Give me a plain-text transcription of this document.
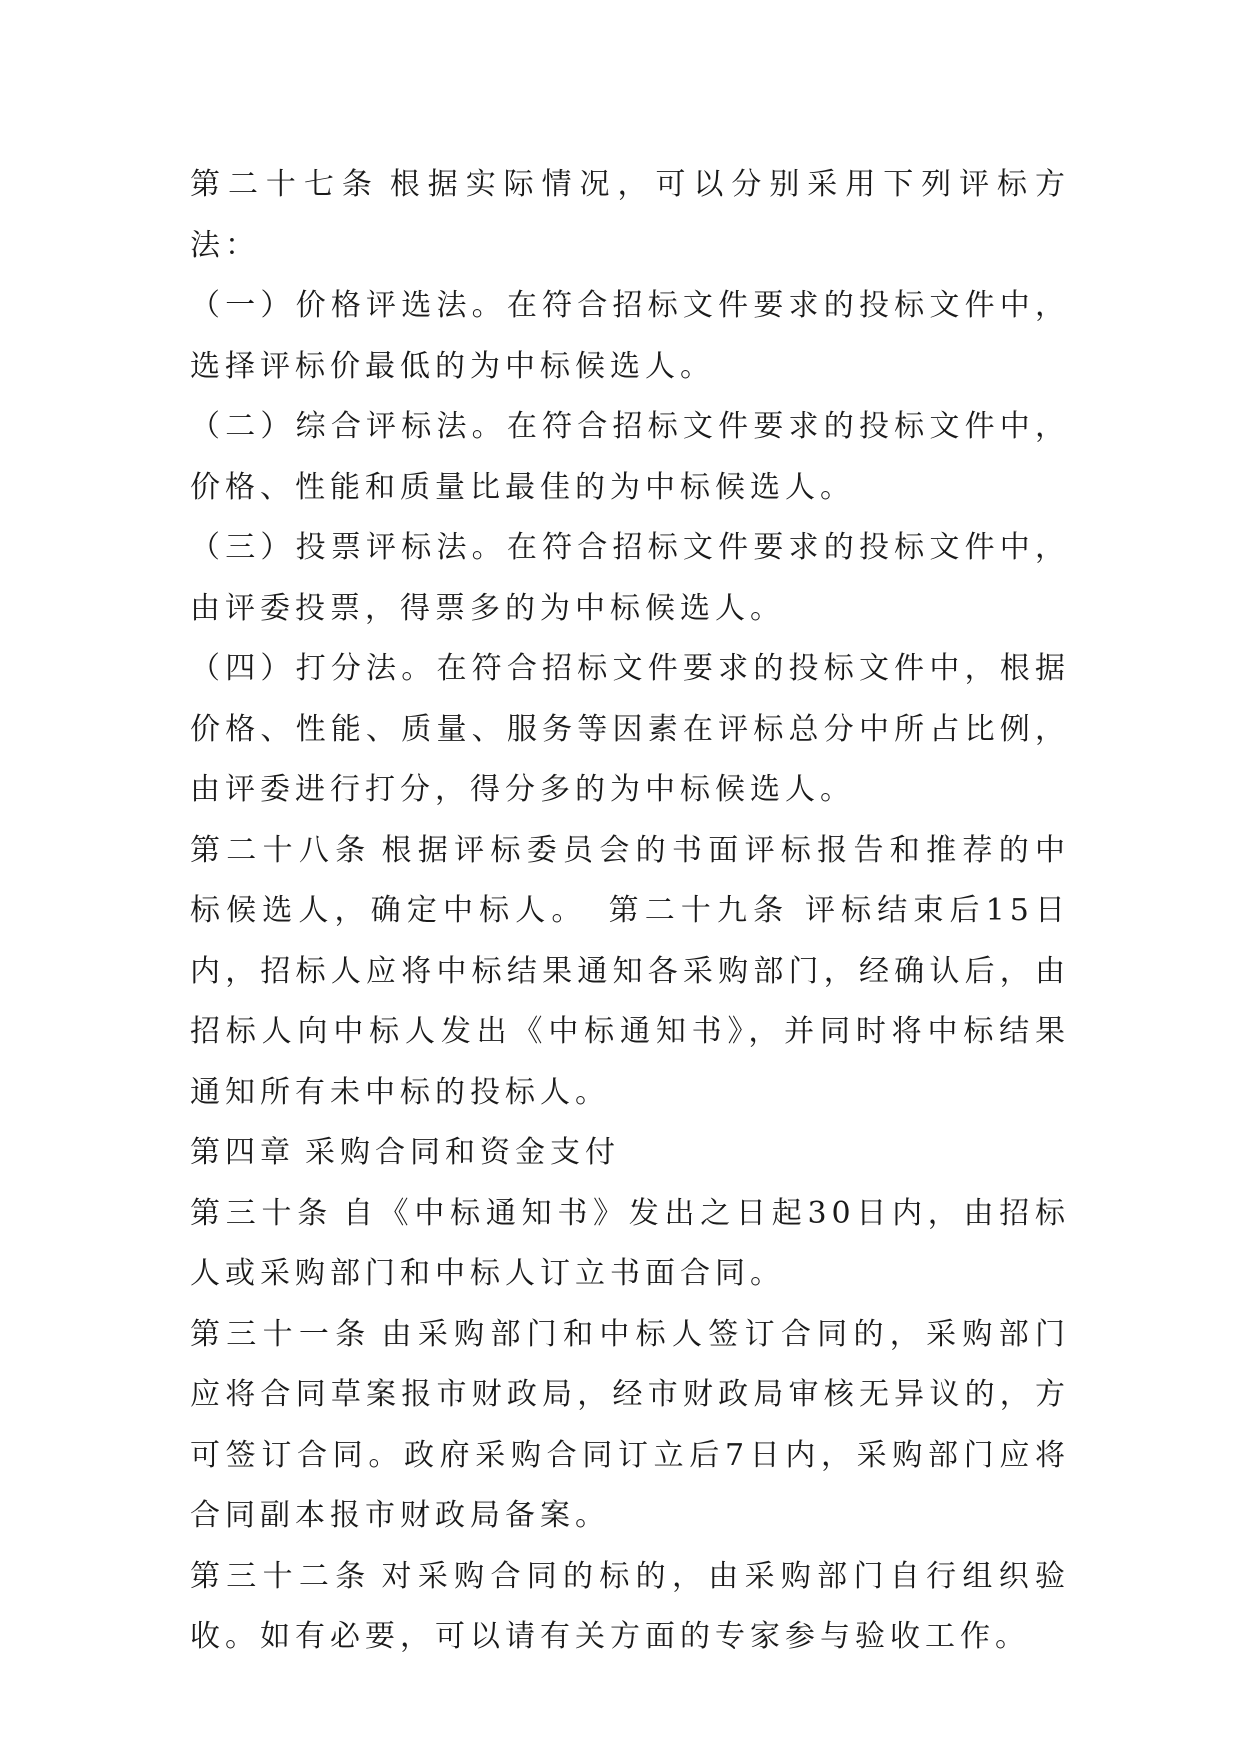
第二十七条 根据实际情况，可以分别采用下列评标方法：

（一）价格评选法。在符合招标文件要求的投标文件中，选择评标价最低的为中标候选人。

（二）综合评标法。在符合招标文件要求的投标文件中，价格、性能和质量比最佳的为中标候选人。

（三）投票评标法。在符合招标文件要求的投标文件中，由评委投票，得票多的为中标候选人。

（四）打分法。在符合招标文件要求的投标文件中，根据价格、性能、质量、服务等因素在评标总分中所占比例，由评委进行打分，得分多的为中标候选人。

第二十八条 根据评标委员会的书面评标报告和推荐的中标候选人，确定中标人。　第二十九条 评标结束后15日内，招标人应将中标结果通知各采购部门，经确认后，由招标人向中标人发出《中标通知书》，并同时将中标结果通知所有未中标的投标人。

第四章 采购合同和资金支付

第三十条 自《中标通知书》发出之日起30日内，由招标人或采购部门和中标人订立书面合同。

第三十一条 由采购部门和中标人签订合同的，采购部门应将合同草案报市财政局，经市财政局审核无异议的，方可签订合同。政府采购合同订立后7日内，采购部门应将合同副本报市财政局备案。

第三十二条 对采购合同的标的，由采购部门自行组织验收。如有必要，可以请有关方面的专家参与验收工作。
